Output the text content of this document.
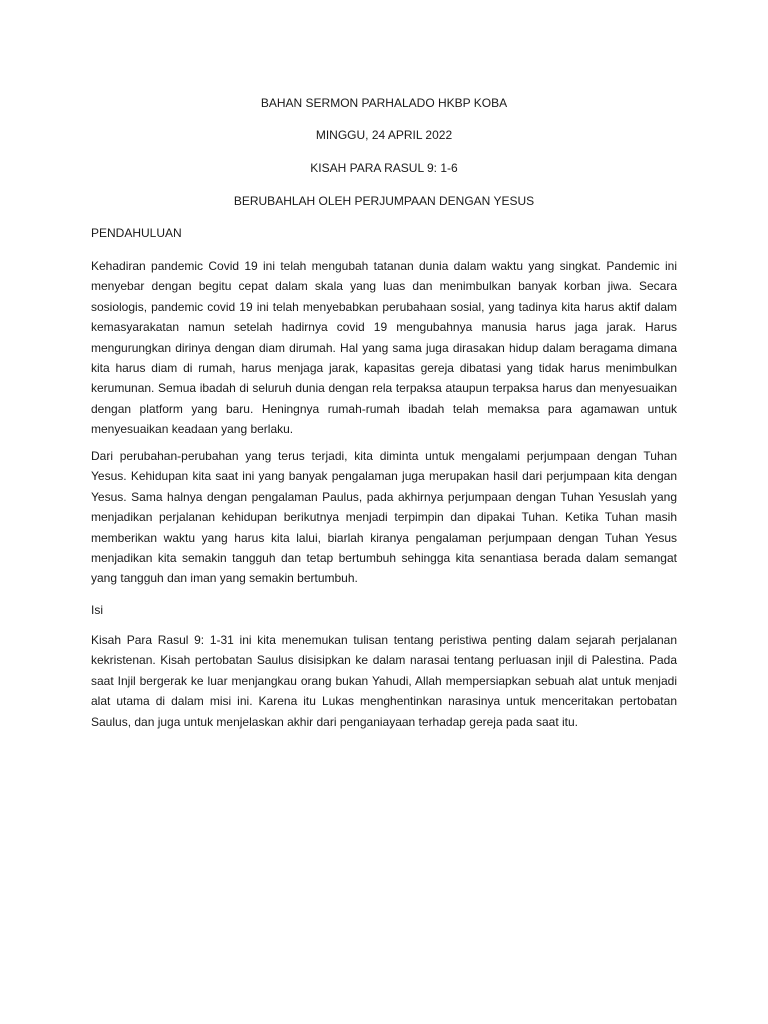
BAHAN SERMON PARHALADO HKBP KOBA
MINGGU, 24 APRIL 2022
KISAH PARA RASUL 9: 1-6
BERUBAHLAH OLEH PERJUMPAAN DENGAN YESUS
PENDAHULUAN

Kehadiran pandemic Covid 19 ini telah mengubah tatanan dunia dalam waktu yang singkat. Pandemic ini menyebar dengan begitu cepat dalam skala yang luas dan menimbulkan banyak korban jiwa. Secara sosiologis, pandemic covid 19 ini telah menyebabkan perubahaan sosial, yang tadinya kita harus aktif dalam kemasyarakatan namun setelah hadirnya covid 19 mengubahnya manusia harus jaga jarak. Harus mengurungkan dirinya dengan diam dirumah. Hal yang sama juga dirasakan hidup dalam beragama dimana kita harus diam di rumah, harus menjaga jarak, kapasitas gereja dibatasi yang tidak harus menimbulkan kerumunan. Semua ibadah di seluruh dunia dengan rela terpaksa ataupun terpaksa harus dan menyesuaikan dengan platform yang baru. Heningnya rumah-rumah ibadah telah memaksa para agamawan untuk menyesuaikan keadaan yang berlaku.

Dari perubahan-perubahan yang terus terjadi, kita diminta untuk mengalami perjumpaan dengan Tuhan Yesus. Kehidupan kita saat ini yang banyak pengalaman juga merupakan hasil dari perjumpaan kita dengan Yesus. Sama halnya dengan pengalaman Paulus, pada akhirnya perjumpaan dengan Tuhan Yesuslah yang menjadikan perjalanan kehidupan berikutnya menjadi terpimpin dan dipakai Tuhan. Ketika Tuhan masih memberikan waktu yang harus kita lalui, biarlah kiranya pengalaman perjumpaan dengan Tuhan Yesus menjadikan kita semakin tangguh dan tetap bertumbuh sehingga kita senantiasa berada dalam semangat yang tangguh dan iman yang semakin bertumbuh.

Isi

Kisah Para Rasul 9: 1-31 ini kita menemukan tulisan tentang peristiwa penting dalam sejarah perjalanan kekristenan. Kisah pertobatan Saulus disisipkan ke dalam narasai tentang perluasan injil di Palestina. Pada saat Injil bergerak ke luar menjangkau orang bukan Yahudi, Allah mempersiapkan sebuah alat untuk menjadi alat utama di dalam misi ini. Karena itu Lukas menghentinkan narasinya untuk menceritakan pertobatan Saulus, dan juga untuk menjelaskan akhir dari penganiayaan terhadap gereja pada saat itu.
